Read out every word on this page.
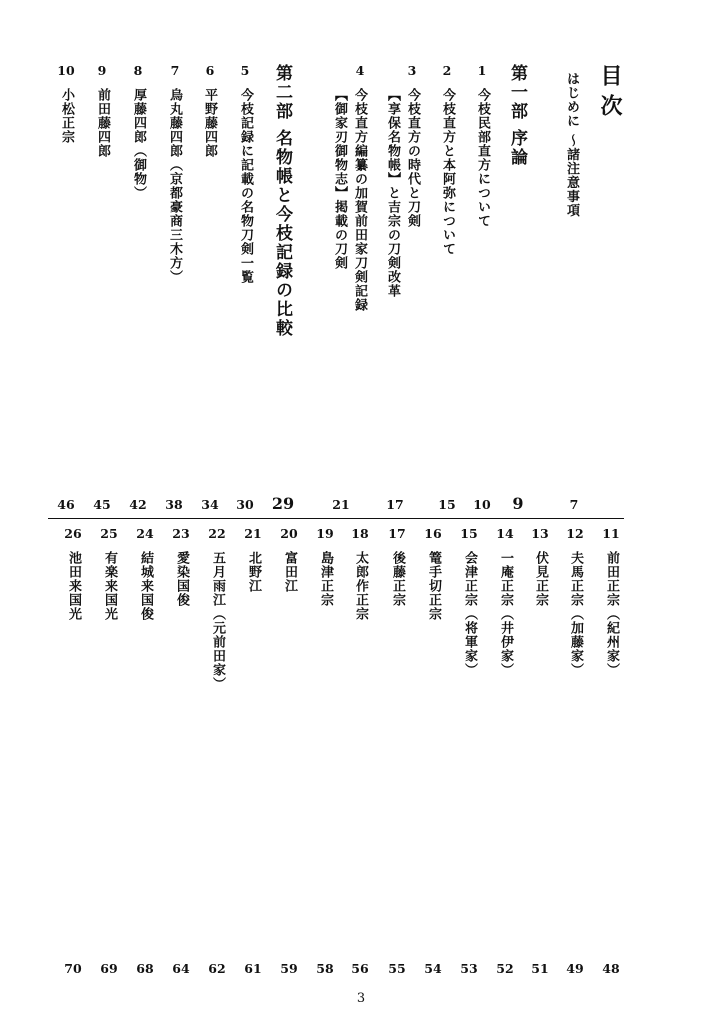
目次
はじめに ～諸注意事項
第一部 序論
第二部 名物帳と今枝記録の比較	1
今枝民部直方について
2
今枝直方と本阿弥について
3
今枝直方の時代と刀剣
【享保名物帳】と吉宗の刀剣改革
4
今枝直方編纂の加賀前田家刀剣記録
【御家刃御物志】掲載の刀剣
5
今枝記録に記載の名物刀剣一覧
6
平野藤四郎
7
烏丸藤四郎（京都豪商三木方）
8
厚藤四郎（御物）
9
前田藤四郎
10
小松正宗
7
9
10
15
17
21
29
30
34
38
42
45
46
11
前田正宗（紀州家）
48
12
夫馬正宗（加藤家）
49
13
伏見正宗
51
14
一庵正宗（井伊家）
52
15
会津正宗（将軍家）
53
16
篭手切正宗
54
17
後藤正宗
55
18
太郎作正宗
56
19
島津正宗
58
20
富田江
59
21
北野江
61
22
五月雨江（元前田家）
62
23
愛染国俊
64
24
結城来国俊
68
25
有楽来国光
69
26
池田来国光
70
3
